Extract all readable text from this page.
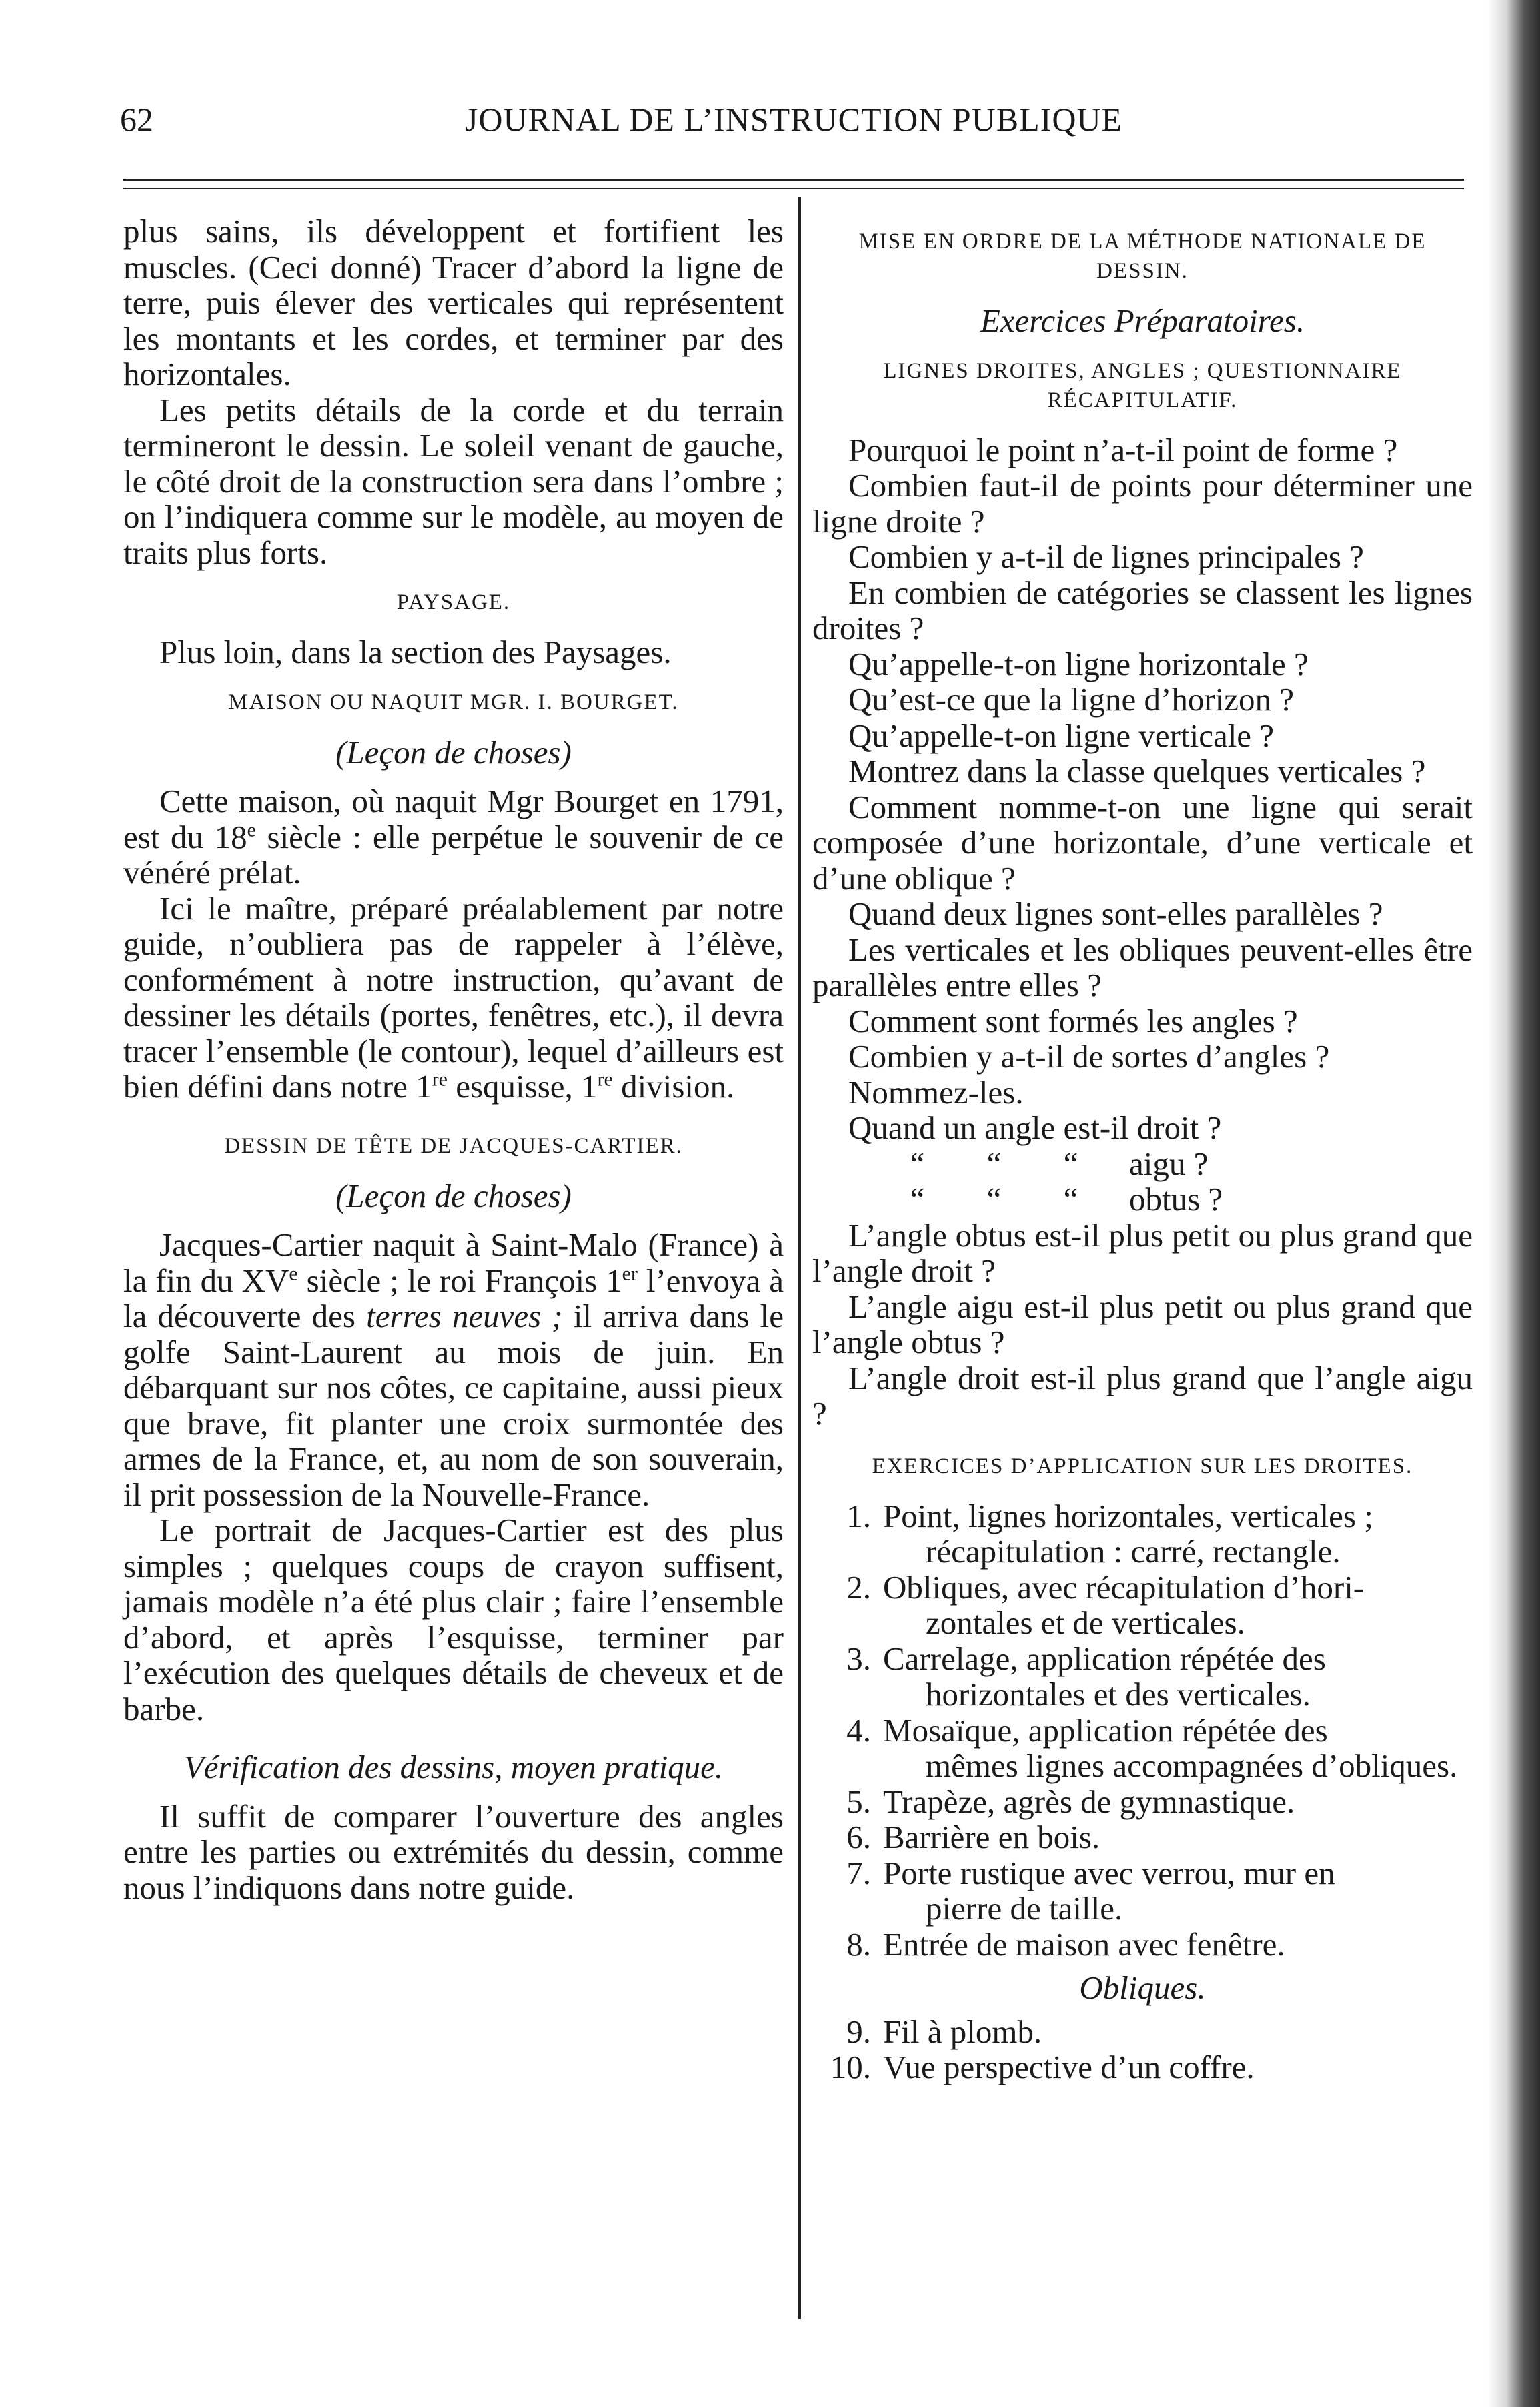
62	JOURNAL DE L’INSTRUCTION PUBLIQUE

plus sains, ils développent et fortifient les muscles. (Ceci donné) Tracer d’abord la ligne de terre, puis élever des verticales qui représentent les montants et les cordes, et terminer par des horizontales.

Les petits détails de la corde et du terrain termineront le dessin. Le soleil venant de gauche, le côté droit de la construction sera dans l’ombre ; on l’indiquera comme sur le modèle, au moyen de traits plus forts.

PAYSAGE.

Plus loin, dans la section des Paysages.

MAISON OU NAQUIT MGR. I. BOURGET.
(Leçon de choses)

Cette maison, où naquit Mgr Bourget en 1791, est du 18e siècle : elle perpétue le souvenir de ce vénéré prélat.

Ici le maître, préparé préalablement par notre guide, n’oubliera pas de rappeler à l’élève, conformément à notre instruction, qu’avant de dessiner les détails (portes, fenêtres, etc.), il devra tracer l’ensemble (le contour), lequel d’ailleurs est bien défini dans notre 1re esquisse, 1re division.

DESSIN DE TÊTE DE JACQUES-CARTIER.
(Leçon de choses)

Jacques-Cartier naquit à Saint-Malo (France) à la fin du XVe siècle ; le roi François 1er l’envoya à la découverte des terres neuves ; il arriva dans le golfe Saint-Laurent au mois de juin. En débarquant sur nos côtes, ce capitaine, aussi pieux que brave, fit planter une croix surmontée des armes de la France, et, au nom de son souverain, il prit possession de la Nouvelle-France.

Le portrait de Jacques-Cartier est des plus simples ; quelques coups de crayon suffisent, jamais modèle n’a été plus clair ; faire l’ensemble d’abord, et après l’esquisse, terminer par l’exécution des quelques détails de cheveux et de barbe.

Vérification des dessins, moyen pratique.

Il suffit de comparer l’ouverture des angles entre les parties ou extrémités du dessin, comme nous l’indiquons dans notre guide.

MISE EN ORDRE DE LA MÉTHODE NATIONALE DE DESSIN.
Exercices Préparatoires.
LIGNES DROITES, ANGLES ; QUESTIONNAIRE RÉCAPITULATIF.

Pourquoi le point n’a-t-il point de forme ?

Combien faut-il de points pour déterminer une ligne droite ?

Combien y a-t-il de lignes principales ?

En combien de catégories se classent les lignes droites ?

Qu’appelle-t-on ligne horizontale ?

Qu’est-ce que la ligne d’horizon ?

Qu’appelle-t-on ligne verticale ?

Montrez dans la classe quelques verticales ?

Comment nomme-t-on une ligne qui serait composée d’une horizontale, d’une verticale et d’une oblique ?

Quand deux lignes sont-elles parallèles ?

Les verticales et les obliques peuvent-elles être parallèles entre elles ?

Comment sont formés les angles ?

Combien y a-t-il de sortes d’angles ?

Nommez-les.

Quand un angle est-il droit ?

“	“	“	aigu ?
“	“	“	obtus ?

L’angle obtus est-il plus petit ou plus grand que l’angle droit ?

L’angle aigu est-il plus petit ou plus grand que l’angle obtus ?

L’angle droit est-il plus grand que l’angle aigu ?

EXERCICES D’APPLICATION SUR LES DROITES.
1. Point, lignes horizontales, verticales ;
récapitulation : carré, rectangle.
2. Obliques, avec récapitulation d’hori-
zontales et de verticales.
3. Carrelage, application répétée des
horizontales et des verticales.
4. Mosaïque, application répétée des
mêmes lignes accompagnées d’obliques.
5. Trapèze, agrès de gymnastique.
6. Barrière en bois.
7. Porte rustique avec verrou, mur en
pierre de taille.
8. Entrée de maison avec fenêtre.
Obliques.
9. Fil à plomb.
10. Vue perspective d’un coffre.
